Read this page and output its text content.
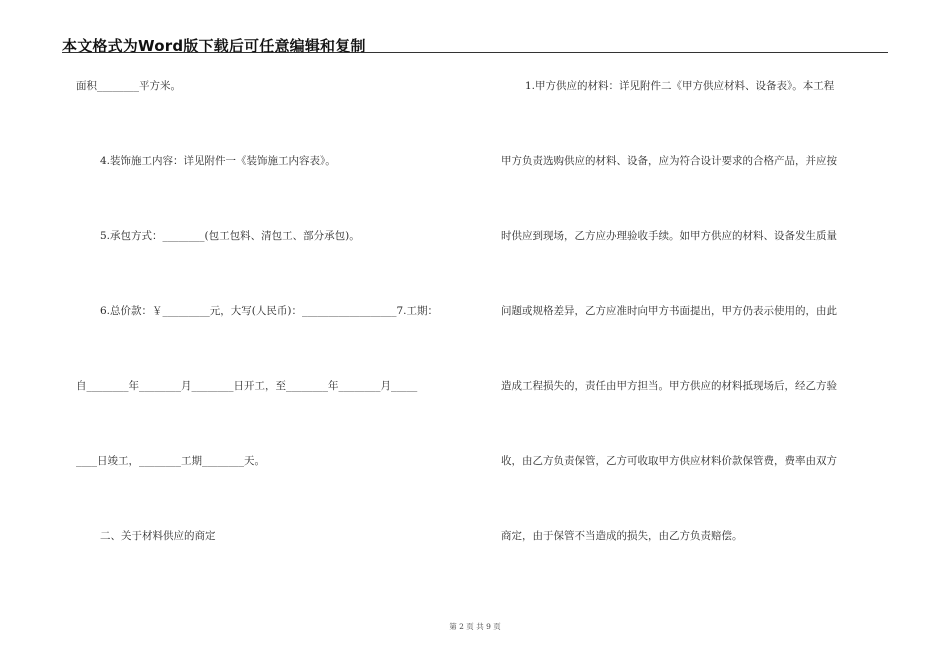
本文格式为Word版下载后可任意编辑和复制
面积________平方米。
4.装饰施工内容：详见附件一《装饰施工内容表》。
5.承包方式：________(包工包料、清包工、部分承包)。
6.总价款：￥_________元，大写(人民币)：__________________7.工期：
自________年________月________日开工，至________年________月_____
____日竣工，________工期________天。
二、关于材料供应的商定
1.甲方供应的材料：详见附件二《甲方供应材料、设备表》。本工程
甲方负责选购供应的材料、设备，应为符合设计要求的合格产品，并应按
时供应到现场，乙方应办理验收手续。如甲方供应的材料、设备发生质量
问题或规格差异，乙方应准时向甲方书面提出，甲方仍表示使用的，由此
造成工程损失的，责任由甲方担当。甲方供应的材料抵现场后，经乙方验
收，由乙方负责保管，乙方可收取甲方供应材料价款保管费，费率由双方
商定，由于保管不当造成的损失，由乙方负责赔偿。
第 2 页 共 9 页
